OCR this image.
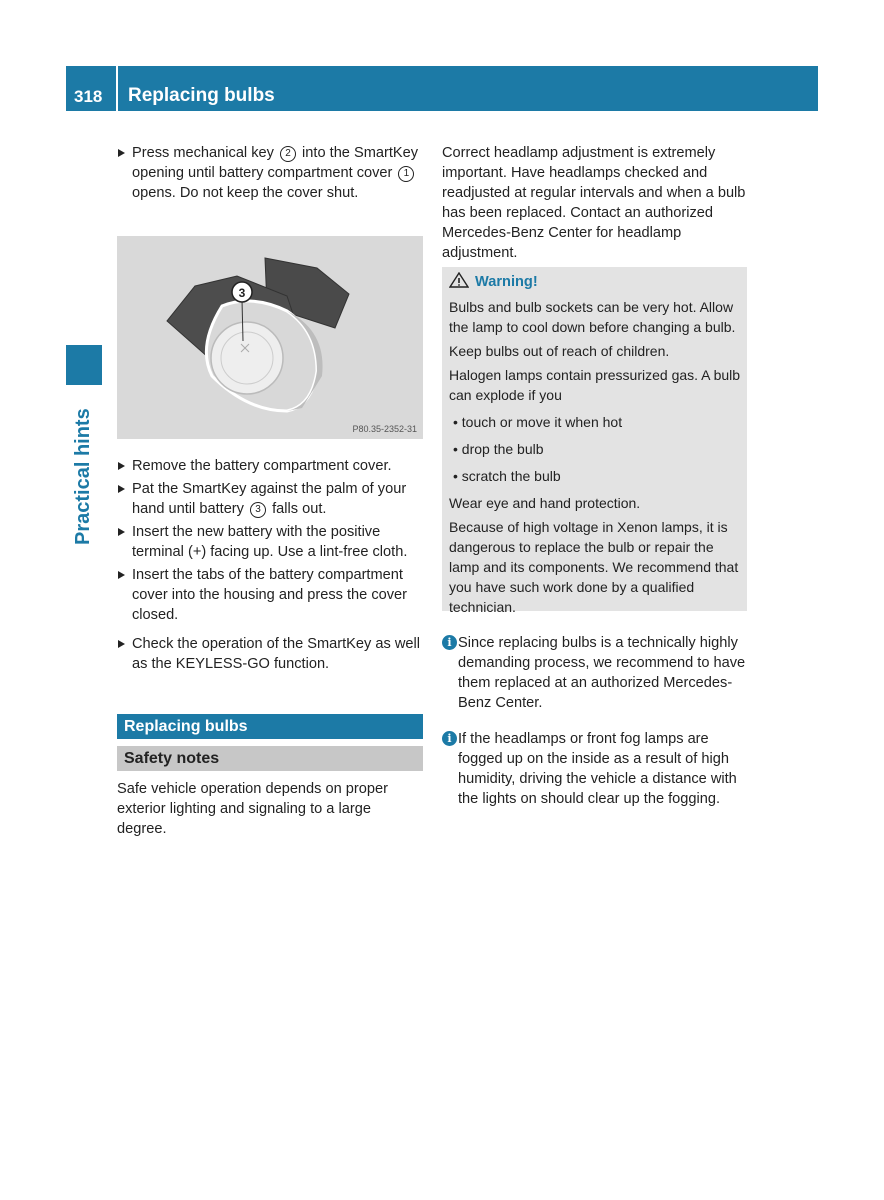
318 Replacing bulbs
Practical hints
Press mechanical key 2 into the SmartKey opening until battery compartment cover 1 opens. Do not keep the cover shut.
3
P80.35-2352-31
Remove the battery compartment cover.
Pat the SmartKey against the palm of your hand until battery 3 falls out.
Insert the new battery with the positive terminal (+) facing up. Use a lint-free cloth.
Insert the tabs of the battery compartment cover into the housing and press the cover closed.
Check the operation of the SmartKey as well as the KEYLESS-GO function.
Replacing bulbs
Safety notes
Safe vehicle operation depends on proper exterior lighting and signaling to a large degree.
Correct headlamp adjustment is extremely important. Have headlamps checked and readjusted at regular intervals and when a bulb has been replaced. Contact an authorized Mercedes-Benz Center for headlamp adjustment.
Warning!

Bulbs and bulb sockets can be very hot. Allow the lamp to cool down before changing a bulb.

Keep bulbs out of reach of children.

Halogen lamps contain pressurized gas. A bulb can explode if you

• touch or move it when hot
• drop the bulb
• scratch the bulb

Wear eye and hand protection.

Because of high voltage in Xenon lamps, it is dangerous to replace the bulb or repair the lamp and its components. We recommend that you have such work done by a qualified technician.

i Since replacing bulbs is a technically highly demanding process, we recommend to have them replaced at an authorized Mercedes-Benz Center.
i If the headlamps or front fog lamps are fogged up on the inside as a result of high humidity, driving the vehicle a distance with the lights on should clear up the fogging.
